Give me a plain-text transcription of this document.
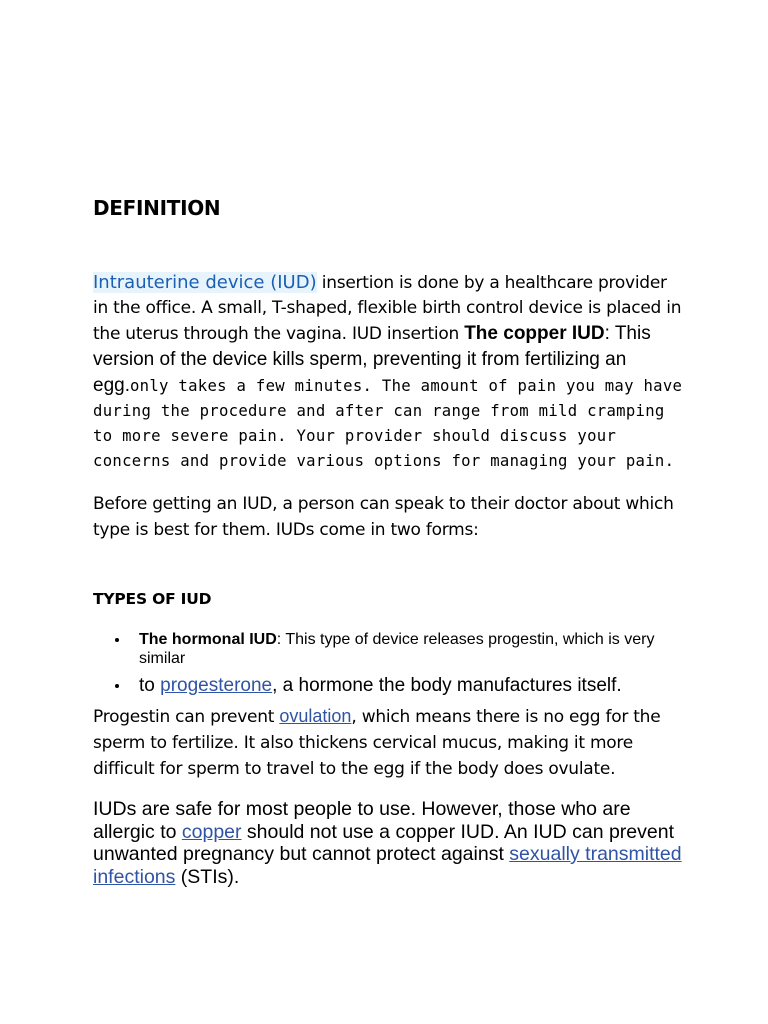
DEFINITION
Intrauterine device (IUD) insertion is done by a healthcare provider in the office. A small, T-shaped, flexible birth control device is placed in the uterus through the vagina. IUD insertion The copper IUD: This version of the device kills sperm, preventing it from fertilizing an egg.only takes a few minutes. The amount of pain you may have during the procedure and after can range from mild cramping to more severe pain. Your provider should discuss your concerns and provide various options for managing your pain.
Before getting an IUD, a person can speak to their doctor about which type is best for them. IUDs come in two forms:
TYPES OF IUD
The hormonal IUD: This type of device releases progestin, which is very similar
to progesterone, a hormone the body manufactures itself.
Progestin can prevent ovulation, which means there is no egg for the sperm to fertilize. It also thickens cervical mucus, making it more difficult for sperm to travel to the egg if the body does ovulate.
IUDs are safe for most people to use. However, those who are allergic to copper should not use a copper IUD. An IUD can prevent unwanted pregnancy but cannot protect against sexually transmitted infections (STIs).
